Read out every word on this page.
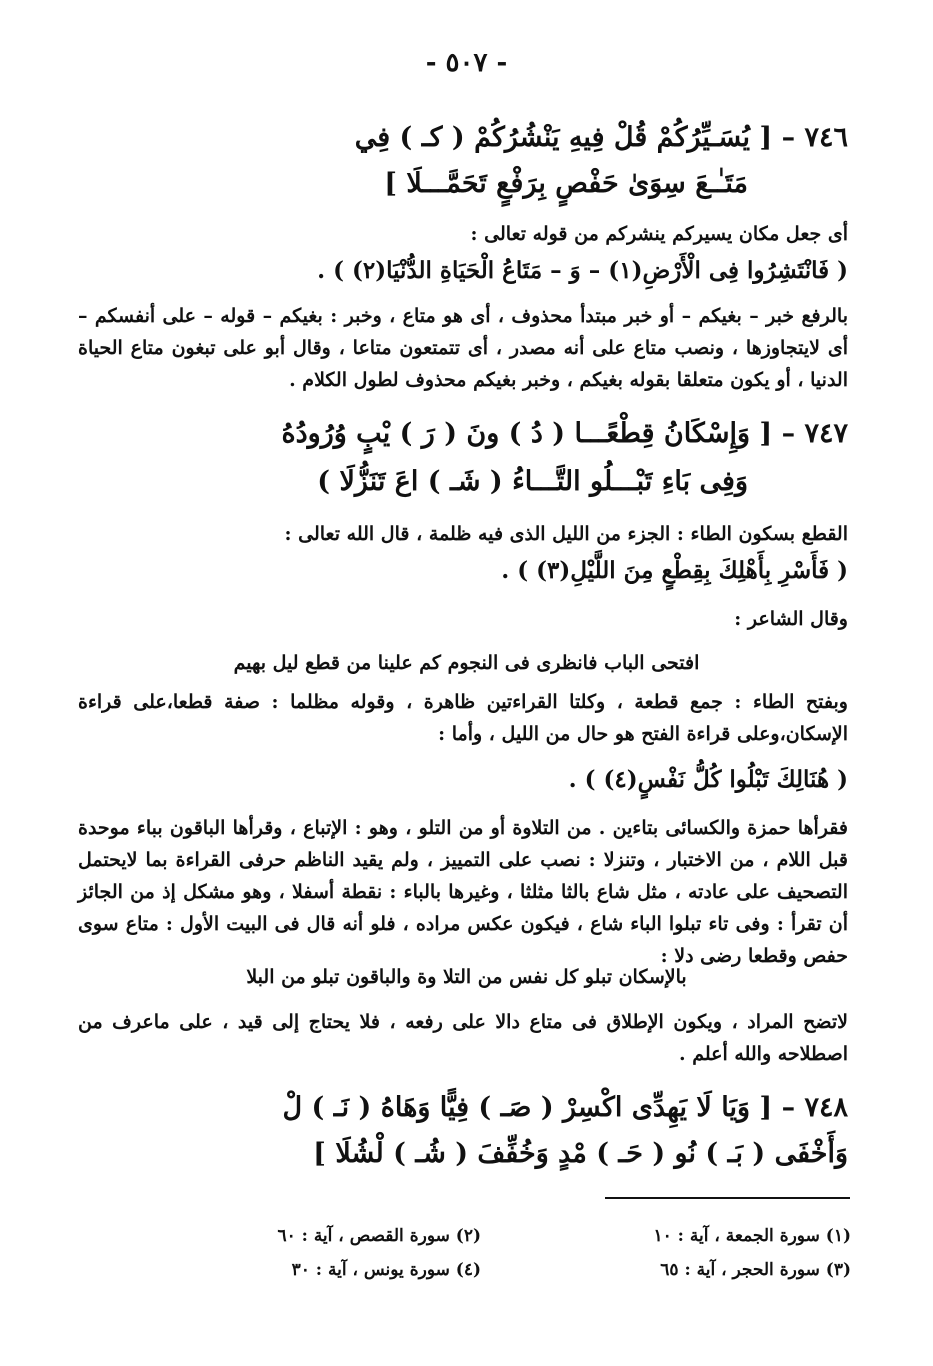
- ٥٠٧ -
٧٤٦ – [ يُسَـيِّرُكُمْ قُلْ فِيهِ يَنْشُرُكُمْ ( كـ ) فِي
مَتَـٰـعَ سِوَىٰ حَفْصٍ بِرَفْعٍ تَحَمَّـــلَا ]
أى جعل مكان يسيركم ينشركم من قوله تعالى :
( فَانْتَشِرُوا فِى الْأَرْضِ(١) – وَ – مَتَاعُ الْحَيَاةِ الدُّنْيَا(٢) ) .
بالرفع خبر – بغيكم – أو خبر مبتدأ محذوف ، أى هو متاع ، وخبر : بغيكم – قوله – على أنفسكم – أى لايتجاوزها ، ونصب متاع على أنه مصدر ، أى تتمتعون متاعا ، وقال أبو على تبغون متاع الحياة الدنيا ، أو يكون متعلقا بقوله بغيكم ، وخبر بغيكم محذوف لطول الكلام .
٧٤٧ – [ وَإِسْكَانُ قِطْعًـــا ( دُ ) ونَ ( رَ ) يْبٍ وُرُودُهُ
وَفِى بَاءِ تَبْـــلُو التَّـــاءُ ( شَـ ) اعَ تَنَزُّلَا )
القطع بسكون الطاء : الجزء من الليل الذى فيه ظلمة ، قال الله تعالى :
( فَأَسْرِ بِأَهْلِكَ بِقِطْعٍ مِنَ اللَّيْلِ(٣) ) .
وقال الشاعر :
افتحى الباب فانظرى فى النجوم كم علينا من قطع ليل بهيم
وبفتح الطاء : جمع قطعة ، وكلتا القراءتين ظاهرة ، وقوله مظلما : صفة قطعا،على قراءة الإسكان،وعلى قراءة الفتح هو حال من الليل ، وأما :
( هُنَالِكَ تَبْلُوا كُلُّ نَفْسٍ(٤) ) .
فقرأها حمزة والكسائى بتاءين . من التلاوة أو من التلو ، وهو : الإتباع ، وقرأها الباقون بباء موحدة قبل اللام ، من الاختبار ، وتنزلا : نصب على التمييز ، ولم يقيد الناظم حرفى القراءة بما لايحتمل التصحيف على عادته ، مثل شاع بالثا مثلثا ، وغيرها بالباء : نقطة أسفلا ، وهو مشكل إذ من الجائز أن تقرأ : وفى تاء تبلوا الباء شاع ، فيكون عكس مراده ، فلو أنه قال فى البيت الأول : متاع سوى حفص وقطعا رضى دلا :
بالإسكان تبلو كل نفس من التلا وة والباقون تبلو من البلا
لاتضح المراد ، ويكون الإطلاق فى متاع دالا على رفعه ، فلا يحتاج إلى قيد ، على ماعرف من اصطلاحه والله أعلم .
٧٤٨ – [ وَيَا لَا يَهِدِّى اكْسِرْ ( صَـ ) فِيًّا وَهَاهُ ( نَـ ) لْ
وَأَخْفَى ( بَـ ) نُو ( حَـ ) مْدٍ وَخُفِّفَ ( شُـ ) لْشُلَا ]
(١) سورة الجمعة ، آية : ١٠
(٢) سورة القصص ، آية : ٦٠
(٣) سورة الحجر ، آية : ٦٥
(٤) سورة يونس ، آية : ٣٠
